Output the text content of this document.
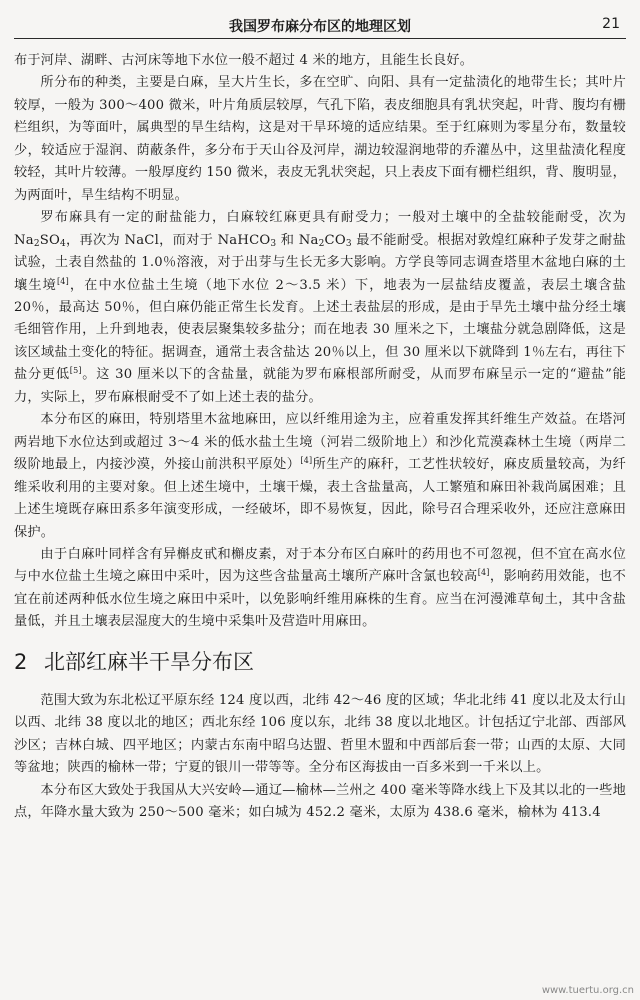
我国罗布麻分布区的地理区划	21

布于河岸、湖畔、古河床等地下水位一般不超过 4 米的地方，且能生长良好。

所分布的种类，主要是白麻，呈大片生长，多在空旷、向阳、具有一定盐渍化的地带生长；其叶片较厚，一般为 300～400 微米，叶片角质层较厚，气孔下陷，表皮细胞具有乳状突起，叶背、腹均有栅栏组织，为等面叶，属典型的旱生结构，这是对干旱环境的适应结果。至于红麻则为零星分布，数量较少，较适应于湿润、荫蔽条件，多分布于天山谷及河岸，湖边较湿润地带的乔灌丛中，这里盐渍化程度较轻，其叶片较薄。一般厚度约 150 微米，表皮无乳状突起，只上表皮下面有栅栏组织，背、腹明显，为两面叶，旱生结构不明显。

罗布麻具有一定的耐盐能力，白麻较红麻更具有耐受力；一般对土壤中的全盐较能耐受，次为 $Na_2SO_4$，再次为 NaCl，而对于 NaHCO$_3$ 和 $Na_2CO_3$ 最不能耐受。根据对敦煌红麻种子发芽之耐盐试验，土表自然盐的 1.0％溶液，对于出芽与生长无多大影响。方学良等同志调查塔里木盆地白麻的土壤生境[4]，在中水位盐土生境（地下水位 2～3.5 米）下，地表为一层盐结皮覆盖，表层土壤含盐 20％，最高达 50％，但白麻仍能正常生长发育。上述土表盐层的形成，是由于旱先土壤中盐分经土壤毛细管作用，上升到地表，使表层聚集较多盐分；而在地表 30 厘米之下，土壤盐分就急剧降低，这是该区域盐土变化的特征。据调查，通常土表含盐达 20％以上，但 30 厘米以下就降到 1％左右，再往下盐分更低[5]。这 30 厘米以下的含盐量，就能为罗布麻根部所耐受，从而罗布麻呈示一定的“避盐”能力，实际上，罗布麻根耐受不了如上述土表的盐分。

本分布区的麻田，特别塔里木盆地麻田，应以纤维用途为主，应着重发挥其纤维生产效益。在塔河两岩地下水位达到或超过 3～4 米的低水盐土生境（河岩二级阶地上）和沙化荒漠森林土生境（两岸二级阶地最上，内接沙漠，外接山前洪积平原处）[4]所生产的麻秆，工艺性状较好，麻皮质量较高，为纤维采收利用的主要对象。但上述生境中，土壤干燥，表土含盐量高，人工繁殖和麻田补栽尚属困难；且上述生境既存麻田系多年演变形成，一经破坏，即不易恢复，因此，除号召合理采收外，还应注意麻田保护。

由于白麻叶同样含有异槲皮甙和槲皮素，对于本分布区白麻叶的药用也不可忽视，但不宜在高水位与中水位盐土生境之麻田中采叶，因为这些含盐量高土壤所产麻叶含氯也较高[4]，影响药用效能，也不宜在前述两种低水位生境之麻田中采叶，以免影响纤维用麻株的生育。应当在河漫滩草甸土，其中含盐量低，并且土壤表层湿度大的生境中采集叶及营造叶用麻田。

2 北部红麻半干旱分布区

范围大致为东北松辽平原东经 124 度以西，北纬 42～46 度的区域；华北北纬 41 度以北及太行山以西、北纬 38 度以北的地区；西北东经 106 度以东，北纬 38 度以北地区。计包括辽宁北部、西部风沙区；吉林白城、四平地区；内蒙古东南中昭乌达盟、哲里木盟和中西部后套一带；山西的太原、大同等盆地；陕西的榆林一带；宁夏的银川一带等等。全分布区海拔由一百多米到一千米以上。

本分布区大致处于我国从大兴安岭—通辽—榆林—兰州之 400 毫米等降水线上下及其以北的一些地点，年降水量大致为 250～500 毫米；如白城为 452.2 毫米，太原为 438.6 毫米，榆林为 413.4

www.tuertu.org.cn
